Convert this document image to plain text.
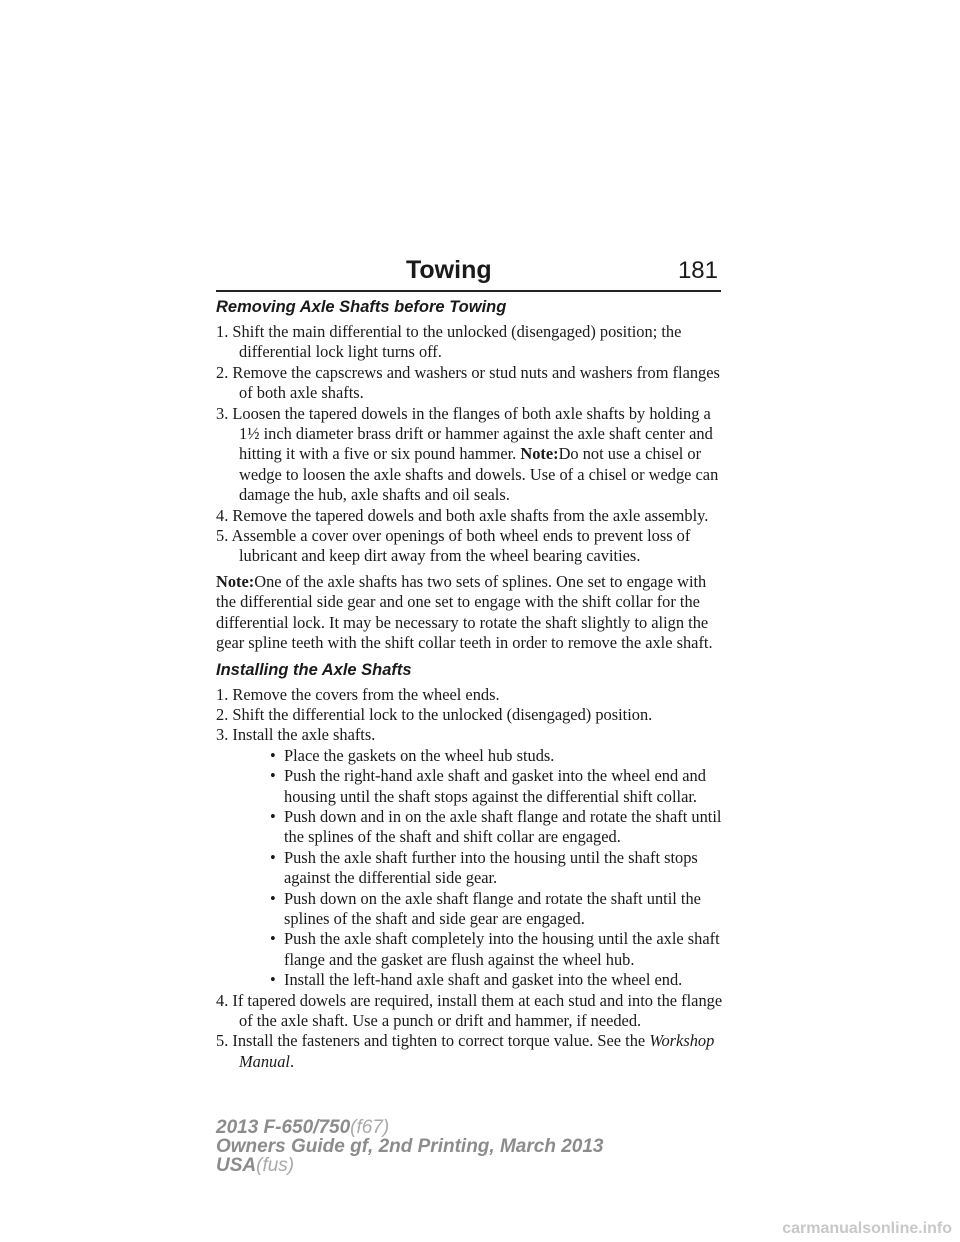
Towing	181
Removing Axle Shafts before Towing
1. Shift the main differential to the unlocked (disengaged) position; the differential lock light turns off.
2. Remove the capscrews and washers or stud nuts and washers from flanges of both axle shafts.
3. Loosen the tapered dowels in the flanges of both axle shafts by holding a 1½ inch diameter brass drift or hammer against the axle shaft center and hitting it with a five or six pound hammer. Note:Do not use a chisel or wedge to loosen the axle shafts and dowels. Use of a chisel or wedge can damage the hub, axle shafts and oil seals.
4. Remove the tapered dowels and both axle shafts from the axle assembly.
5. Assemble a cover over openings of both wheel ends to prevent loss of lubricant and keep dirt away from the wheel bearing cavities.

Note:One of the axle shafts has two sets of splines. One set to engage with the differential side gear and one set to engage with the shift collar for the differential lock. It may be necessary to rotate the shaft slightly to align the gear spline teeth with the shift collar teeth in order to remove the axle shaft.

Installing the Axle Shafts
1. Remove the covers from the wheel ends.
2. Shift the differential lock to the unlocked (disengaged) position.
3. Install the axle shafts.
• Place the gaskets on the wheel hub studs.
• Push the right-hand axle shaft and gasket into the wheel end and housing until the shaft stops against the differential shift collar.
• Push down and in on the axle shaft flange and rotate the shaft until the splines of the shaft and shift collar are engaged.
• Push the axle shaft further into the housing until the shaft stops against the differential side gear.
• Push down on the axle shaft flange and rotate the shaft until the splines of the shaft and side gear are engaged.
• Push the axle shaft completely into the housing until the axle shaft flange and the gasket are flush against the wheel hub.
• Install the left-hand axle shaft and gasket into the wheel end.
4. If tapered dowels are required, install them at each stud and into the flange of the axle shaft. Use a punch or drift and hammer, if needed.
5. Install the fasteners and tighten to correct torque value. See the Workshop Manual.
2013 F-650/750(f67)
Owners Guide gf, 2nd Printing, March 2013
USA(fus)
carmanualsonline.info
